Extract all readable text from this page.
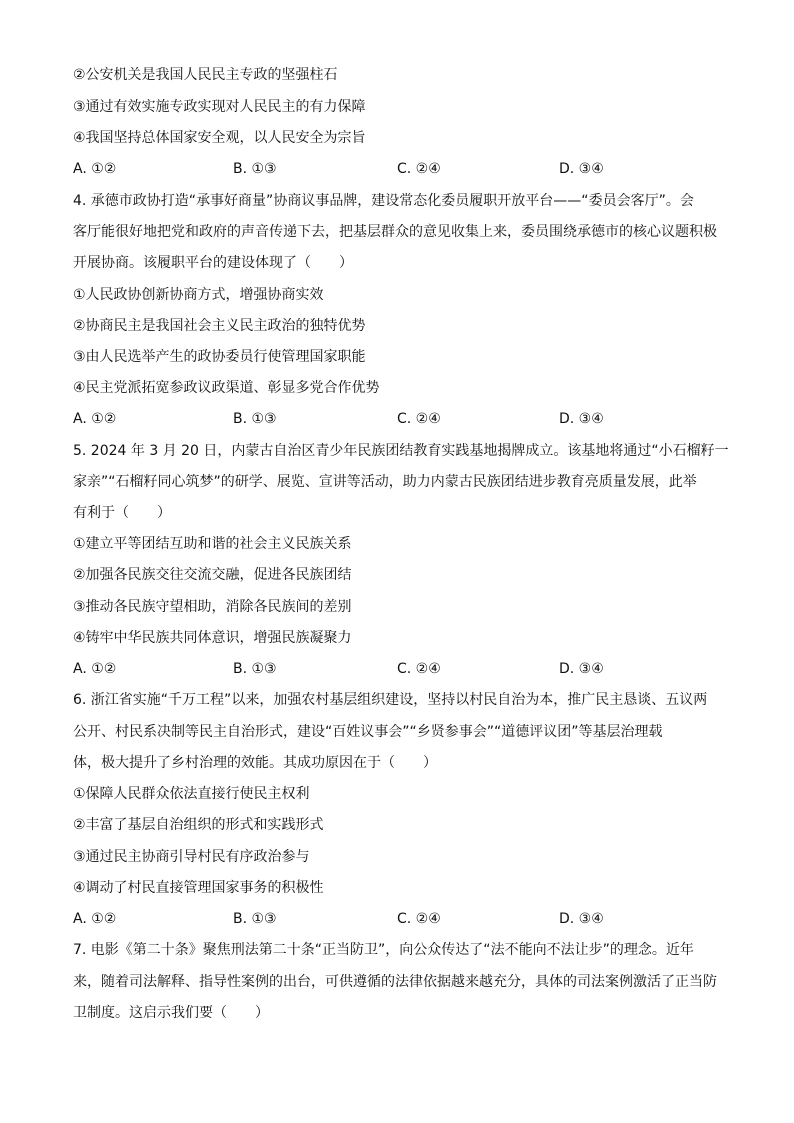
②公安机关是我国人民民主专政的坚强柱石
③通过有效实施专政实现对人民民主的有力保障
④我国坚持总体国家安全观，以人民安全为宗旨
A. ①②	B. ①③	C. ②④	D. ③④
4. 承德市政协打造“承事好商量”协商议事品牌，建设常态化委员履职开放平台——“委员会客厅”。会
客厅能很好地把党和政府的声音传递下去，把基层群众的意见收集上来，委员围绕承德市的核心议题积极
开展协商。该履职平台的建设体现了（　　）
①人民政协创新协商方式，增强协商实效
②协商民主是我国社会主义民主政治的独特优势
③由人民选举产生的政协委员行使管理国家职能
④民主党派拓宽参政议政渠道、彰显多党合作优势
A. ①②	B. ①③	C. ②④	D. ③④
5. 2024 年 3 月 20 日，内蒙古自治区青少年民族团结教育实践基地揭牌成立。该基地将通过“小石榴籽一
家亲”“石榴籽同心筑梦”的研学、展览、宣讲等活动，助力内蒙古民族团结进步教育亮质量发展，此举
有利于（　　）
①建立平等团结互助和谐的社会主义民族关系
②加强各民族交往交流交融，促进各民族团结
③推动各民族守望相助，消除各民族间的差别
④铸牢中华民族共同体意识，增强民族凝聚力
A. ①②	B. ①③	C. ②④	D. ③④
6. 浙江省实施“千万工程”以来，加强农村基层组织建设，坚持以村民自治为本，推广民主恳谈、五议两
公开、村民系决制等民主自治形式，建设“百姓议事会”“乡贤参事会”“道德评议团”等基层治理载
体，极大提升了乡村治理的效能。其成功原因在于（　　）
①保障人民群众依法直接行使民主权利
②丰富了基层自治组织的形式和实践形式
③通过民主协商引导村民有序政治参与
④调动了村民直接管理国家事务的积极性
A. ①②	B. ①③	C. ②④	D. ③④
7. 电影《第二十条》聚焦刑法第二十条“正当防卫”，向公众传达了“法不能向不法让步”的理念。近年
来，随着司法解释、指导性案例的出台，可供遵循的法律依据越来越充分，具体的司法案例激活了正当防
卫制度。这启示我们要（　　）
